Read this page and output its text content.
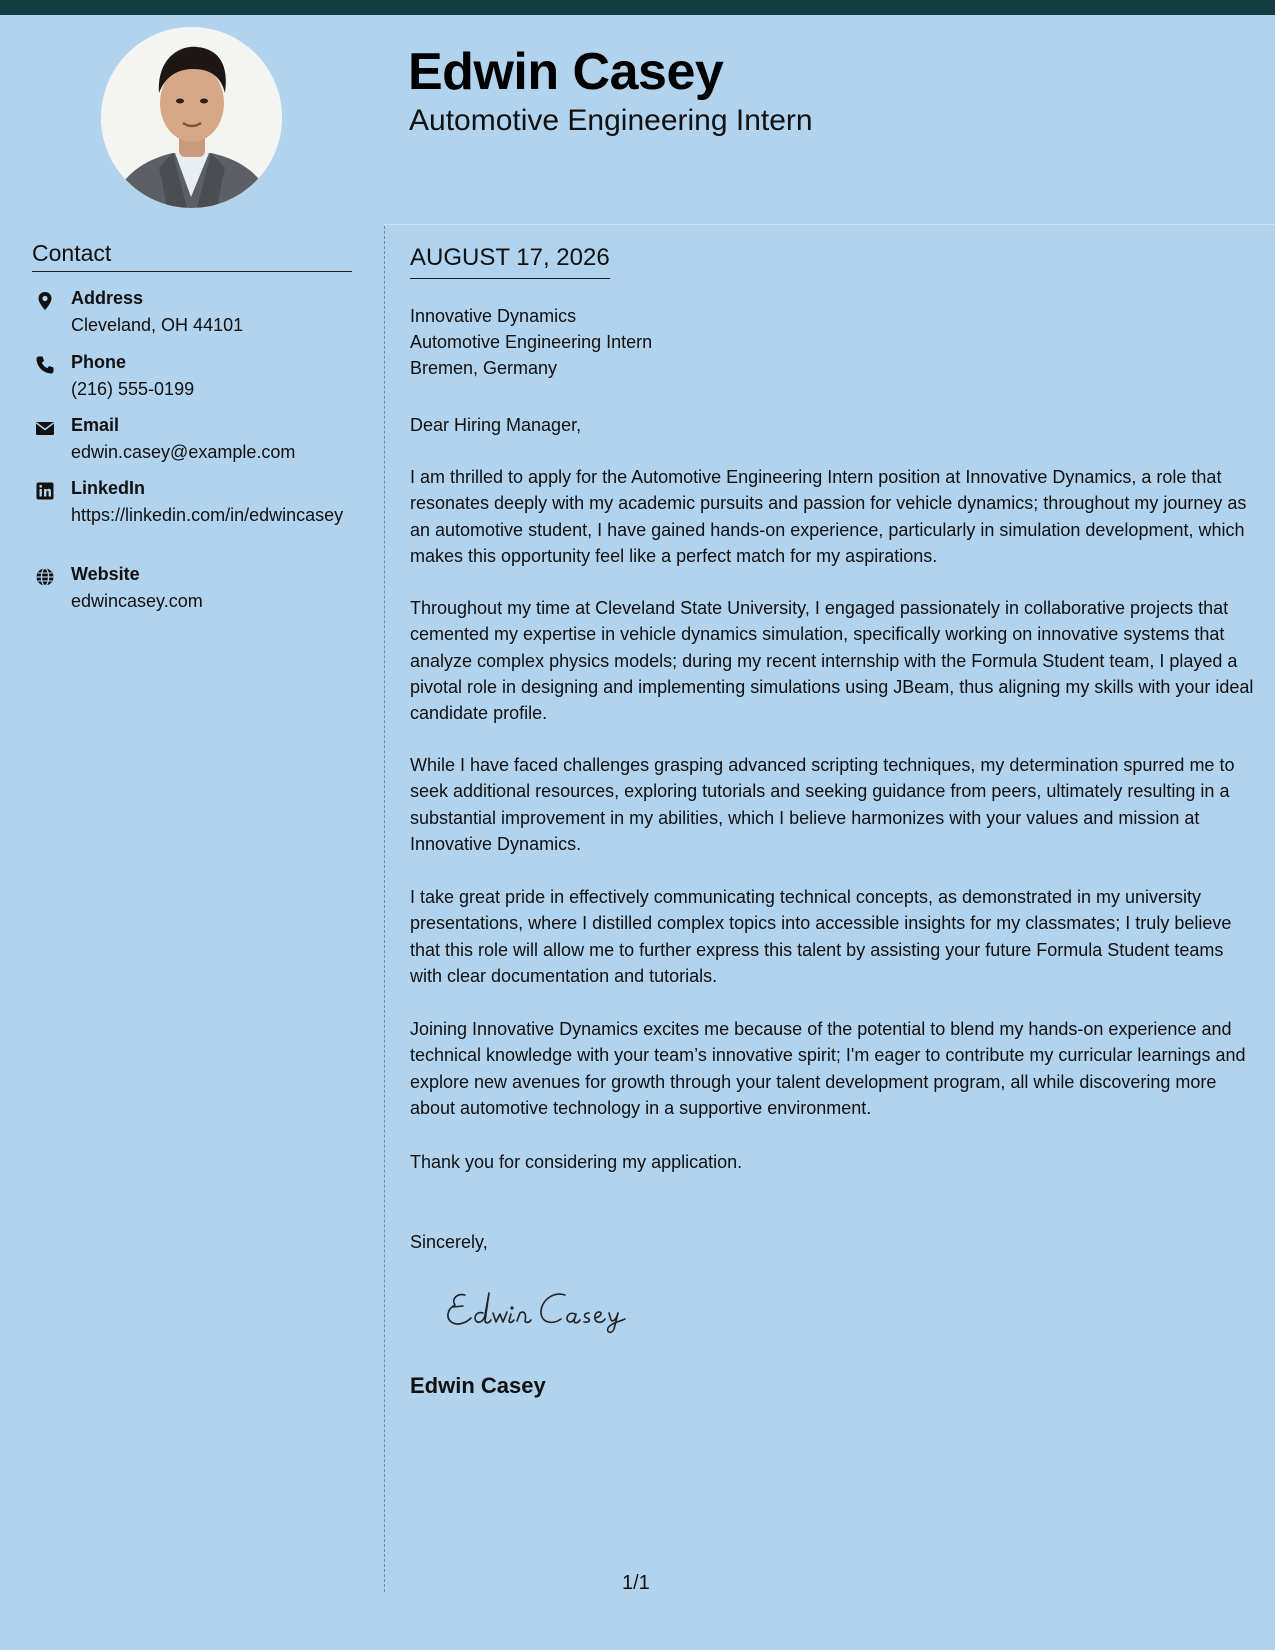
Edwin Casey
Automotive Engineering Intern
Contact
Address
Cleveland, OH 44101
Phone
(216) 555-0199
Email
edwin.casey@example.com
LinkedIn
https://linkedin.com/in/edwincasey
Website
edwincasey.com
AUGUST 17, 2026
Innovative Dynamics
Automotive Engineering Intern
Bremen, Germany

Dear Hiring Manager,

I am thrilled to apply for the Automotive Engineering Intern position at Innovative Dynamics, a role that resonates deeply with my academic pursuits and passion for vehicle dynamics; throughout my journey as an automotive student, I have gained hands-on experience, particularly in simulation development, which makes this opportunity feel like a perfect match for my aspirations.

Throughout my time at Cleveland State University, I engaged passionately in collaborative projects that cemented my expertise in vehicle dynamics simulation, specifically working on innovative systems that analyze complex physics models; during my recent internship with the Formula Student team, I played a pivotal role in designing and implementing simulations using JBeam, thus aligning my skills with your ideal candidate profile.

While I have faced challenges grasping advanced scripting techniques, my determination spurred me to seek additional resources, exploring tutorials and seeking guidance from peers, ultimately resulting in a substantial improvement in my abilities, which I believe harmonizes with your values and mission at Innovative Dynamics.

I take great pride in effectively communicating technical concepts, as demonstrated in my university presentations, where I distilled complex topics into accessible insights for my classmates; I truly believe that this role will allow me to further express this talent by assisting your future Formula Student teams with clear documentation and tutorials.

Joining Innovative Dynamics excites me because of the potential to blend my hands-on experience and technical knowledge with your team’s innovative spirit; I'm eager to contribute my curricular learnings and explore new avenues for growth through your talent development program, all while discovering more about automotive technology in a supportive environment.

Thank you for considering my application.

Sincerely,

Edwin Casey
1/1
